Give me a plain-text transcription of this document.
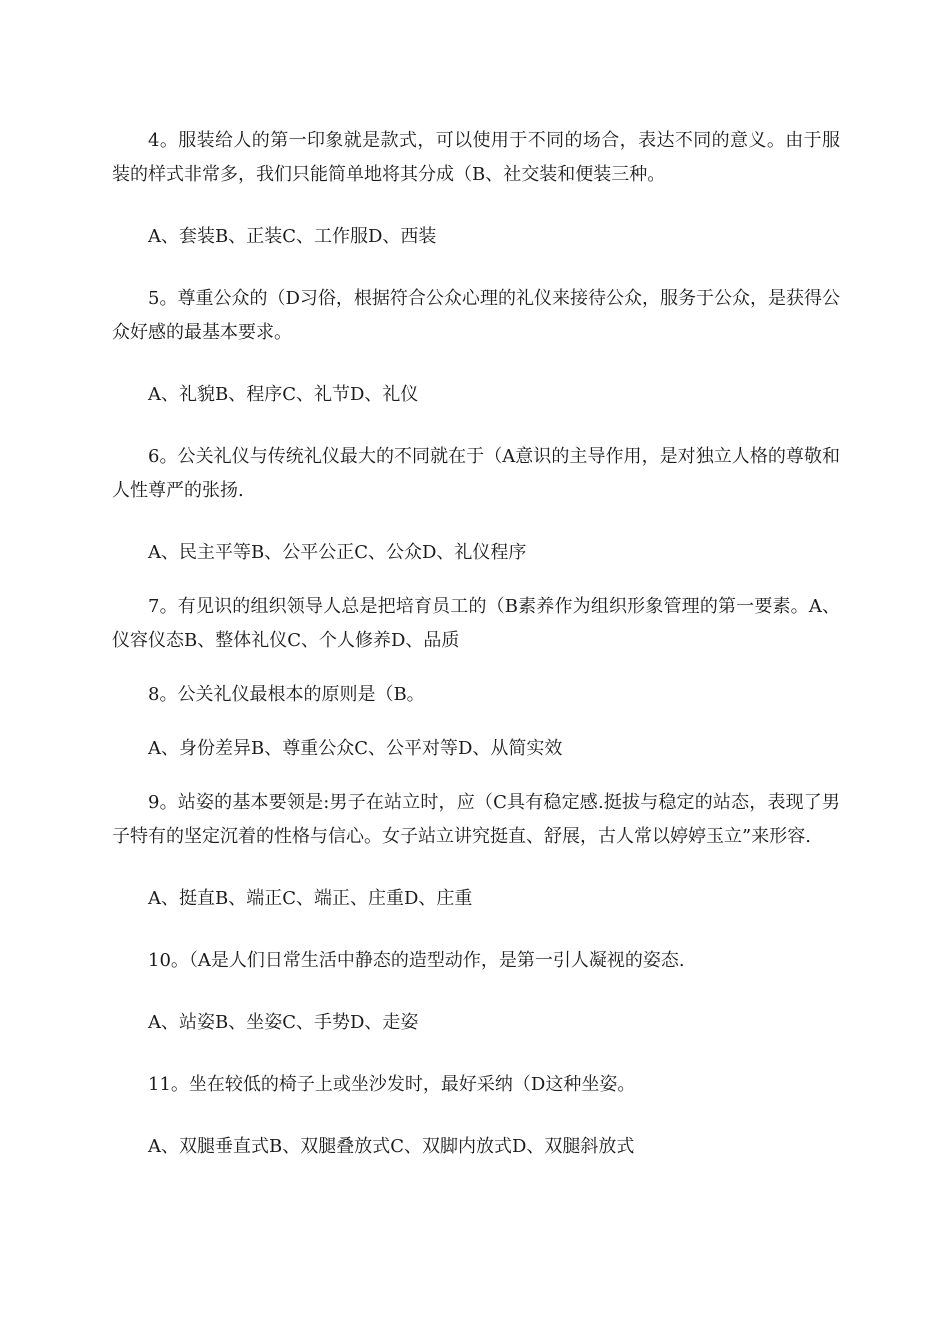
4。服装给人的第一印象就是款式，可以使用于不同的场合，表达不同的意义。由于服装的样式非常多，我们只能简单地将其分成（B、社交装和便装三种。

A、套装B、正装C、工作服D、西装

5。尊重公众的（D习俗，根据符合公众心理的礼仪来接待公众，服务于公众，是获得公众好感的最基本要求。

A、礼貌B、程序C、礼节D、礼仪

6。公关礼仪与传统礼仪最大的不同就在于（A意识的主导作用，是对独立人格的尊敬和人性尊严的张扬.

A、民主平等B、公平公正C、公众D、礼仪程序

7。有见识的组织领导人总是把培育员工的（B素养作为组织形象管理的第一要素。A、仪容仪态B、整体礼仪C、个人修养D、品质

8。公关礼仪最根本的原则是（B。

A、身份差异B、尊重公众C、公平对等D、从简实效

9。站姿的基本要领是:男子在站立时，应（C具有稳定感.挺拔与稳定的站态，表现了男子特有的坚定沉着的性格与信心。女子站立讲究挺直、舒展，古人常以婷婷玉立”来形容.

A、挺直B、端正C、端正、庄重D、庄重

10。（A是人们日常生活中静态的造型动作，是第一引人凝视的姿态.

A、站姿B、坐姿C、手势D、走姿

11。坐在较低的椅子上或坐沙发时，最好采纳（D这种坐姿。

A、双腿垂直式B、双腿叠放式C、双脚内放式D、双腿斜放式
